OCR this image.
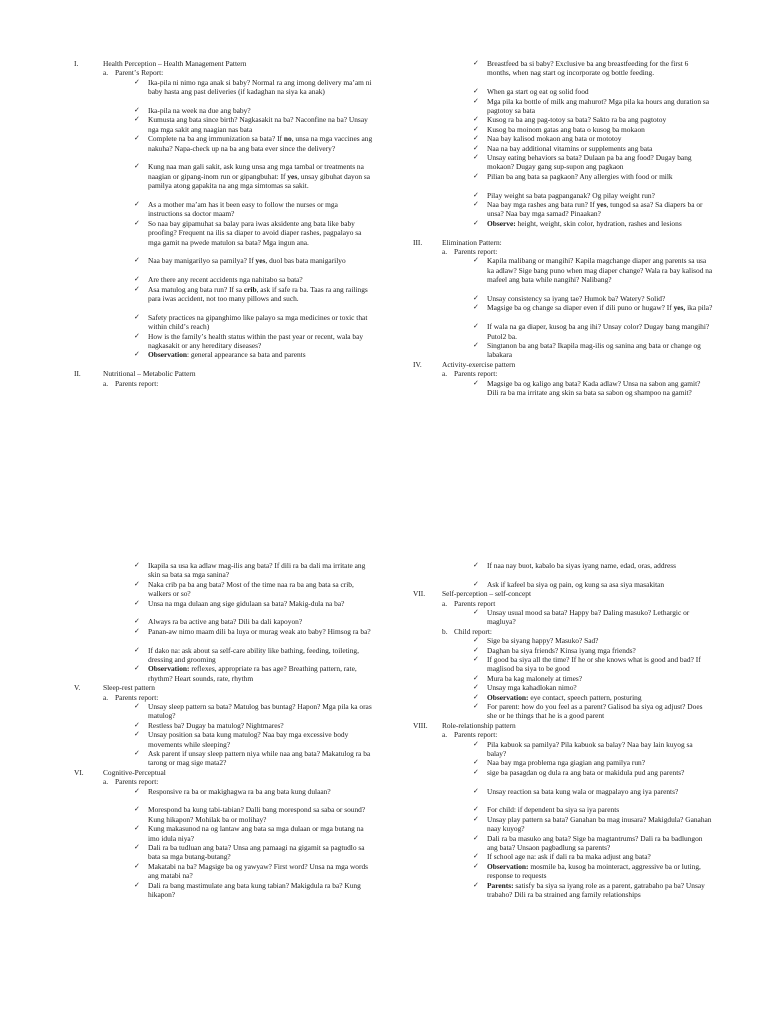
I.	Health Perception – Health Management Pattern
a. Parentʼs Report:
✓ Ika-pila ni nimo nga anak si baby? Normal ra ang imong delivery maʼam ni baby hasta ang past deliveries (if kadaghan na siya ka anak)
✓ Ika-pila na week na due ang baby?
✓ Kumusta ang bata since birth? Nagkasakit na ba? Naconfine na ba? Unsay nga mga sakit ang naagian nas bata
✓ Complete na ba ang immunization sa bata? If no, unsa na mga vaccines ang nakuha? Napa-check up na ba ang bata ever since the delivery?
✓ Kung naa man gali sakit, ask kung unsa ang mga tambal or treatments na naagian or gipang-inom run or gipangbuhat: If yes, unsay gibuhat dayon sa pamilya atong gapakita na ang mga simtomas sa sakit.
✓ As a mother maʼam has it been easy to follow the nurses or mga instructions sa doctor maam?
✓ So naa bay gipamuhat sa balay para iwas aksidente ang bata like baby proofing? Frequent na ilis sa diaper to avoid diaper rashes, pagpalayo sa mga gamit na pwede matulon sa bata? Mga ingun ana.
✓ Naa bay manigarilyo sa pamilya? If yes, duol bas bata manigarilyo
✓ Are there any recent accidents nga nahitabo sa bata?
✓ Asa matulog ang bata run? If sa crib, ask if safe ra ba. Taas ra ang railings para iwas accident, not too many pillows and such.
✓ Safety practices na gipanghimo like palayo sa mga medicines or toxic that within childʼs reach)
✓ How is the familyʼs health status within the past year or recent, wala bay nagkasakit or any hereditary diseases?
✓ Observation: general appearance sa bata and parents
II.	Nutritional – Metabolic Pattern
a. Parents report:
✓ Breastfeed ba si baby? Exclusive ba ang breastfeeding for the first 6 months, when nag start og incorporate og bottle feeding.
✓ When ga start og eat og solid food
✓ Mga pila ka bottle of milk ang mahurot? Mga pila ka hours ang duration sa pagtotoy sa bata
✓ Kusog ra ba ang pag-totoy sa bata? Sakto ra ba ang pagtotoy
✓ Kusog ba moinom gatas ang bata o kusog ba mokaon
✓ Naa bay kalisod mokaon ang bata or mototoy
✓ Naa na bay additional vitamins or supplements ang bata
✓ Unsay eating behaviors sa bata? Dulaan pa ba ang food? Dugay bang mokaon? Dugay gang sup-supon ang pagkaon
✓ Pilian ba ang bata sa pagkaon? Any allergies with food or milk
✓ Pilay weight sa bata pagpanganak? Og pilay weight run?
✓ Naa bay mga rashes ang bata run? If yes, tungod sa asa? Sa diapers ba or unsa? Naa bay mga samad? Pinaakan?
✓ Observe: height, weight, skin color, hydration, rashes and lesions
III.	Elimination Pattern:
a. Parents report:
✓ Kapila malibang or mangihi? Kapila magchange diaper ang parents sa usa ka adlaw? Sige bang puno when mag diaper change? Wala ra bay kalisod na mafeel ang bata while nangihi? Nalibang?
✓ Unsay consistency sa iyang tae? Humok ba? Watery? Solid?
✓ Magsige ba og change sa diaper even if dili puno or hugaw? If yes, ika pila?
✓ If wala na ga diaper, kusog ba ang ihi? Unsay color? Dugay bang mangihi? Putol2 ba.
✓ Singtanon ba ang bata? Ikapila mag-ilis og sanina ang bata or change og labakara
IV.	Activity-exercise pattern
a. Parents report:
✓ Magsige ba og kaligo ang bata? Kada adlaw? Unsa na sabon ang gamit? Dili ra ba ma irritate ang skin sa bata sa sabon og shampoo na gamit?
✓ Ikapila sa usa ka adlaw mag-ilis ang bata? If dili ra ba dali ma irritate ang skin sa bata sa mga sanina?
✓ Naka crib pa ba ang bata? Most of the time naa ra ba ang bata sa crib, walkers or so?
✓ Unsa na mga dulaan ang sige gidulaan sa bata? Makig-dula na ba?
✓ Always ra ba active ang bata? Dili ba dali kapoyon?
✓ Panan-aw nimo maam dili ba luya or murag weak ato baby? Himsog ra ba?
✓ If dako na: ask about sa self-care ability like bathing, feeding, toileting, dressing and grooming
✓ Observation: reflexes, appropriate ra bas age? Breathing pattern, rate, rhythm? Heart sounds, rate, rhythm
V.	Sleep-rest pattern
a. Parents report:
✓ Unsay sleep pattern sa bata? Matulog bas buntag? Hapon? Mga pila ka oras matulog?
✓ Restless ba? Dugay ba matulog? Nightmares?
✓ Unsay position sa bata kung matulog? Naa bay mga excessive body movements while sleeping?
✓ Ask parent if unsay sleep pattern niya while naa ang bata? Makatulog ra ba tarong or mag sige mata2?
VI.	Cognitive-Perceptual
a. Parents report:
✓ Responsive ra ba or makighagwa ra ba ang bata kung dulaan?
✓ Morespond ba kung tabi-tabian? Dalli bang morespond sa saba or sound? Kung hikapon? Mohilak ba or molihay?
✓ Kung makasunod na og lantaw ang bata sa mga dulaan or mga butang na imo idula niya?
✓ Dali ra ba tudluan ang bata? Unsa ang pamaagi na gigamit sa pagtudlo sa bata sa mga butang-butang?
✓ Makatabi na ba? Magsige ba og yawyaw? First word? Unsa na mga words ang matabi na?
✓ Dali ra bang mastimulate ang bata kung tabian? Makigdula ra ba? Kung hikapon?
✓ If naa nay buot, kabalo ba siyas iyang name, edad, oras, address
✓ Ask if kafeel ba siya og pain, og kung sa asa siya masakitan
VII. Self-perception – self-concept
a. Parents report
✓ Unsay usual mood sa bata? Happy ba? Daling masuko? Lethargic or magluya?
b. Child report:
✓ Sige ba siyang happy? Masuko? Sad?
✓ Daghan ba siya friends? Kinsa iyang mga friends?
✓ If good ba siya all the time? If he or she knows what is good and bad? If maglisod ba siya to be good
✓ Mura ba kag malonely at times?
✓ Unsay mga kahadlokan nimo?
✓ Observation: eye contact, speech pattern, posturing
✓ For parent: how do you feel as a parent? Galisod ba siya og adjust? Does she or he things that he is a good parent
VIII. Role-relationship pattern
a. Parents report:
✓ Pila kabuok sa pamilya? Pila kabuok sa balay? Naa bay lain kuyog sa balay?
✓ Naa bay mga problema nga giagian ang pamilya run?
✓ sige ba pasagdan og dula ra ang bata or makidula pud ang parents?
✓ Unsay reaction sa bata kung wala or magpalayo ang iya parents?
✓ For child: if dependent ba siya sa iya parents
✓ Unsay play pattern sa bata? Ganahan ba mag inusara? Makigdula? Ganahan naay kuyog?
✓ Dali ra ba masuko ang bata? Sige ba magtantrums? Dali ra ba badlungon ang bata? Unsaon pagbadlung sa parents?
✓ If school age na: ask if dali ra ba maka adjust ang bata?
✓ Observation: mosmile ba, kusog ba mointeract, aggressive ba or luting, response to requests
✓ Parents: satisfy ba siya sa iyang role as a parent, gatrabaho pa ba? Unsay trabaho? Dili ra ba strained ang family relationships
